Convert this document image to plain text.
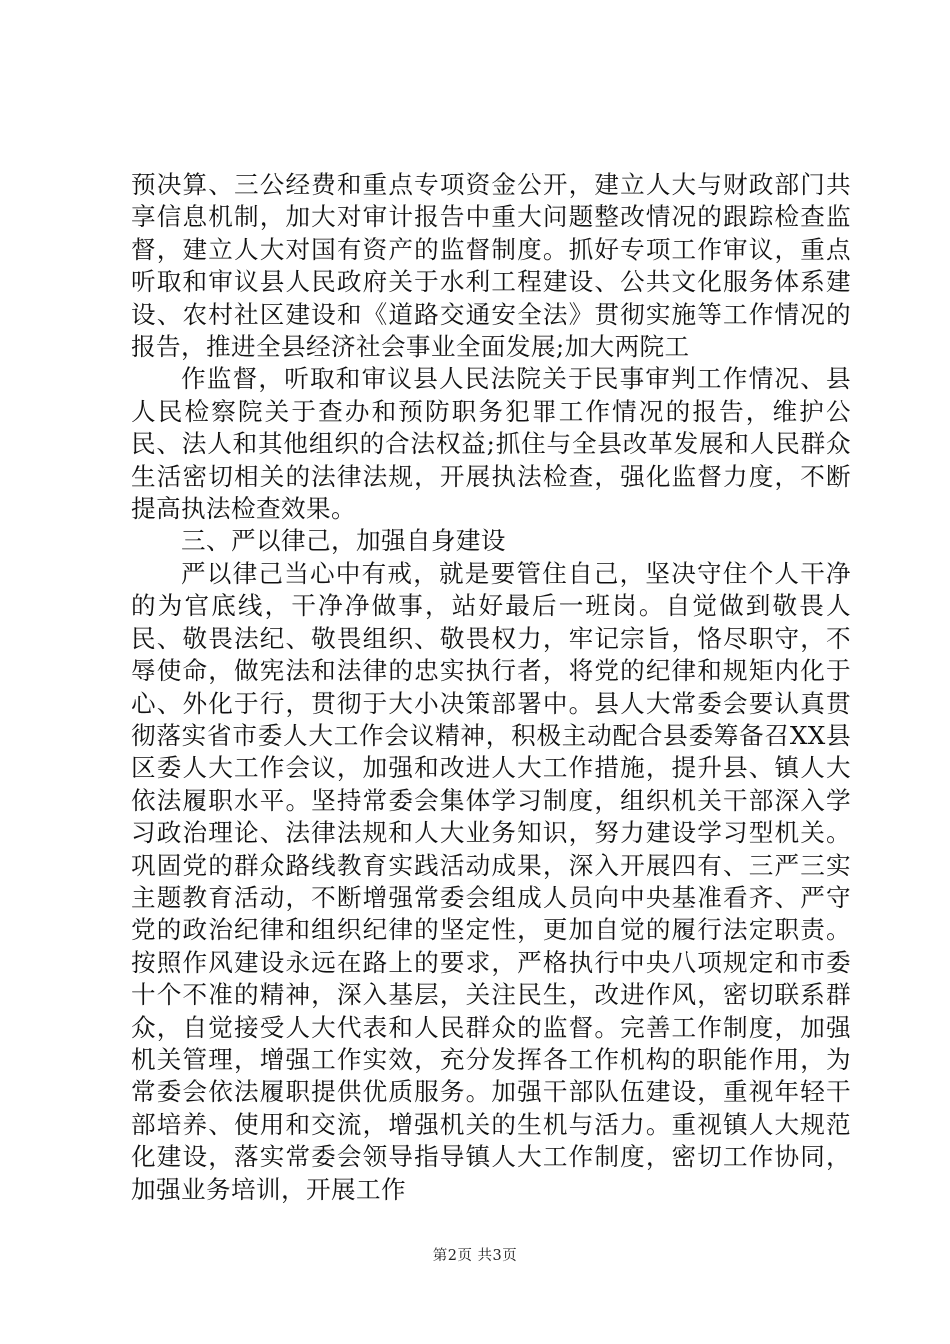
预决算、三公经费和重点专项资金公开，建立人大与财政部门共享信息机制，加大对审计报告中重大问题整改情况的跟踪检查监督，建立人大对国有资产的监督制度。抓好专项工作审议，重点听取和审议县人民政府关于水利工程建设、公共文化服务体系建设、农村社区建设和《道路交通安全法》贯彻实施等工作情况的报告，推进全县经济社会事业全面发展;加大两院工

作监督，听取和审议县人民法院关于民事审判工作情况、县人民检察院关于查办和预防职务犯罪工作情况的报告，维护公民、法人和其他组织的合法权益;抓住与全县改革发展和人民群众生活密切相关的法律法规，开展执法检查，强化监督力度，不断提高执法检查效果。

三、严以律己，加强自身建设

严以律己当心中有戒，就是要管住自己，坚决守住个人干净的为官底线，干净净做事，站好最后一班岗。自觉做到敬畏人民、敬畏法纪、敬畏组织、敬畏权力，牢记宗旨，恪尽职守，不辱使命，做宪法和法律的忠实执行者，将党的纪律和规矩内化于心、外化于行，贯彻于大小决策部署中。县人大常委会要认真贯彻落实省市委人大工作会议精神，积极主动配合县委筹备召XX县区委人大工作会议，加强和改进人大工作措施，提升县、镇人大依法履职水平。坚持常委会集体学习制度，组织机关干部深入学习政治理论、法律法规和人大业务知识，努力建设学习型机关。巩固党的群众路线教育实践活动成果，深入开展四有、三严三实主题教育活动，不断增强常委会组成人员向中央基准看齐、严守党的政治纪律和组织纪律的坚定性，更加自觉的履行法定职责。按照作风建设永远在路上的要求，严格执行中央八项规定和市委十个不准的精神，深入基层，关注民生，改进作风，密切联系群众，自觉接受人大代表和人民群众的监督。完善工作制度，加强机关管理，增强工作实效，充分发挥各工作机构的职能作用，为常委会依法履职提供优质服务。加强干部队伍建设，重视年轻干部培养、使用和交流，增强机关的生机与活力。重视镇人大规范化建设，落实常委会领导指导镇人大工作制度，密切工作协同，加强业务培训，开展工作

第2页 共3页
